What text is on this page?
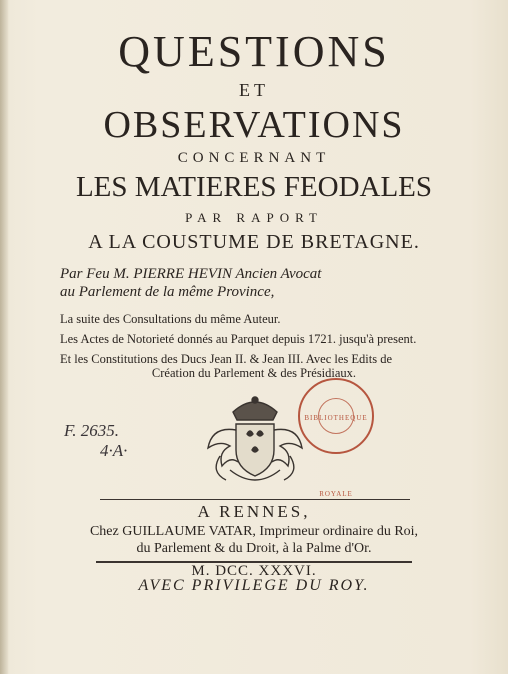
QUESTIONS
ET
OBSERVATIONS
CONCERNANT
LES MATIERES FEODALES
PAR RAPORT
A LA COUSTUME DE BRETAGNE.
Par Feu M. PIERRE HEVIN Ancien Avocat
au Parlement de la même Province,
La suite des Consultations du même Auteur.
Les Actes de Notorieté donnés au Parquet depuis 1721. jusqu'à present.
Et les Constitutions des Ducs Jean II. & Jean III. Avec les Edits de
Création du Parlement & des Présidiaux.
F. 2635.
4·A·
BIBLIOTHEQUE ROYALE
A RENNES,
Chez GUILLAUME VATAR, Imprimeur ordinaire du Roi,
du Parlement & du Droit, à la Palme d'Or.
M. DCC. XXXVI.
AVEC PRIVILEGE DU ROY.
